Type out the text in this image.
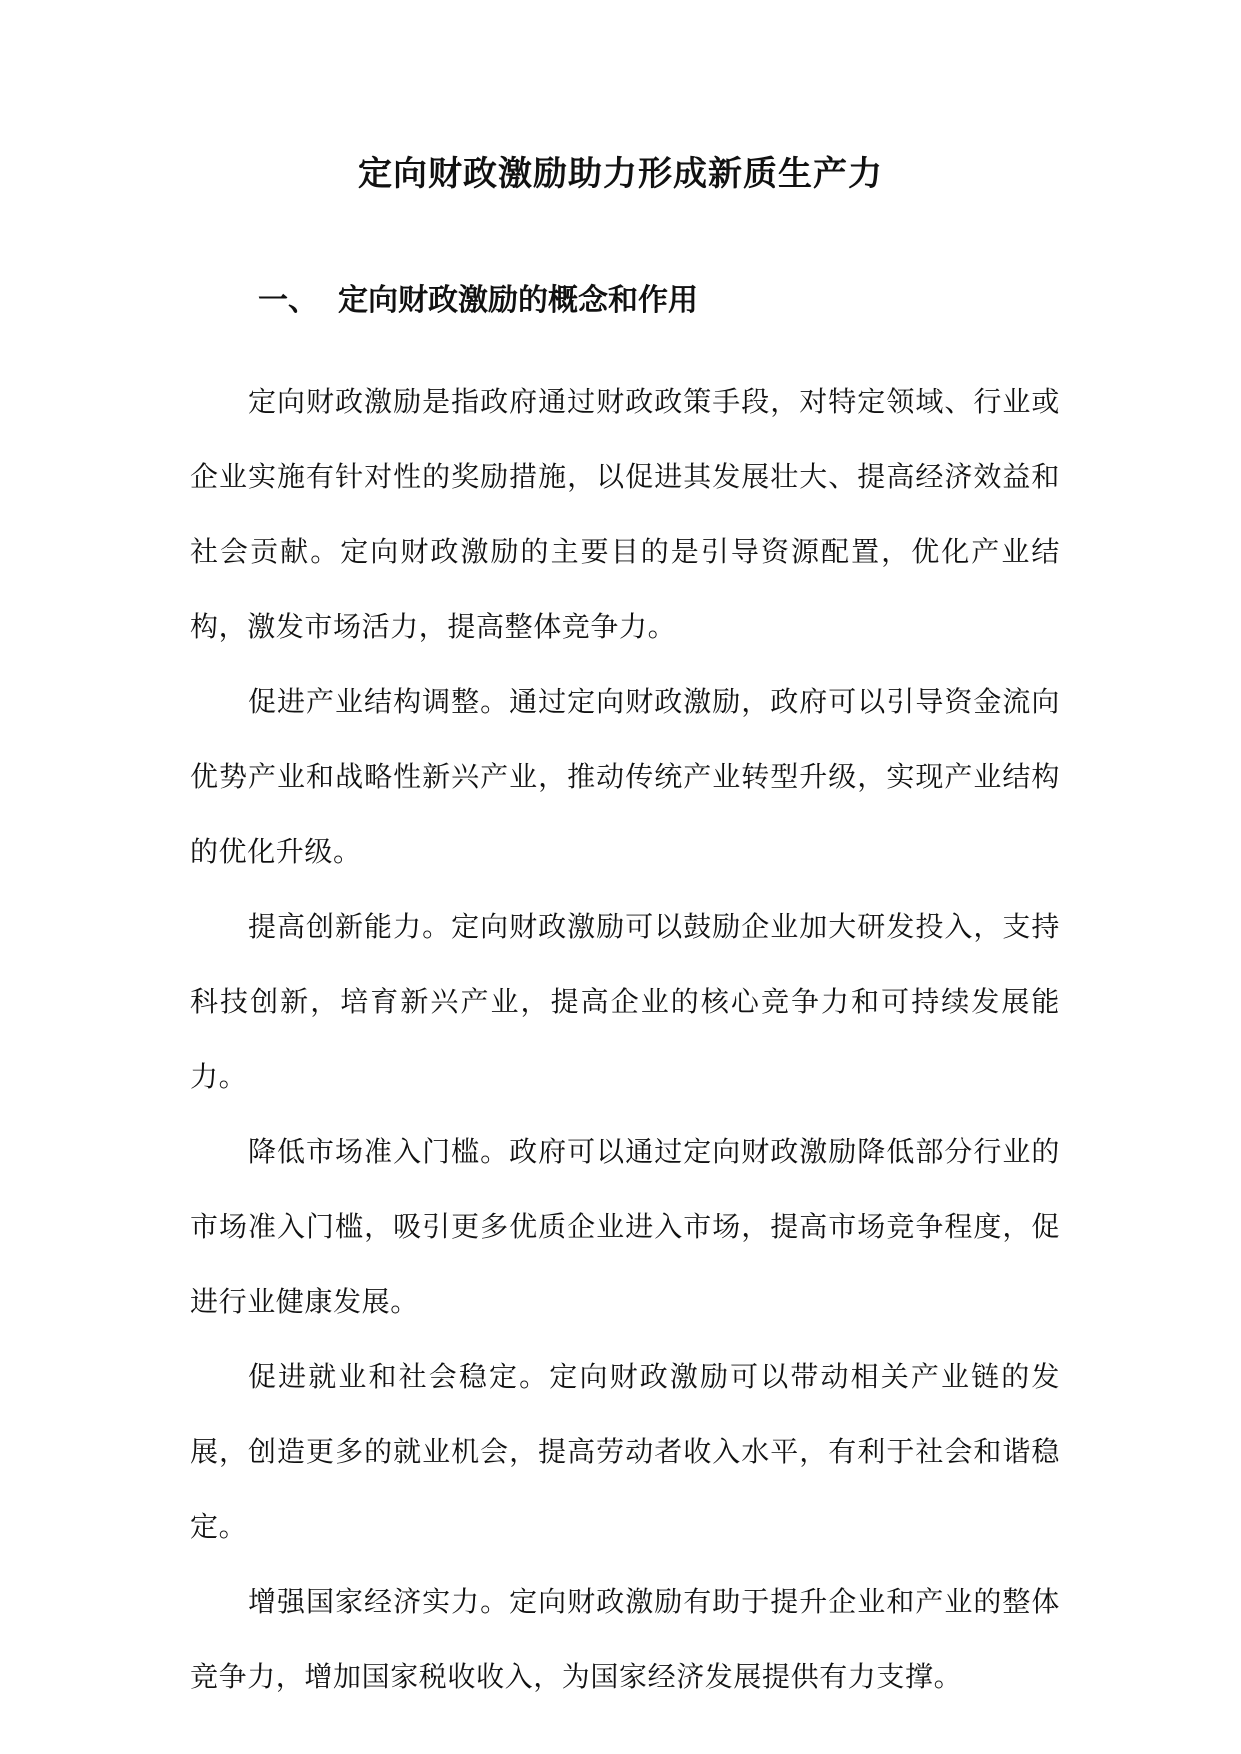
定向财政激励助力形成新质生产力
一、 定向财政激励的概念和作用

定向财政激励是指政府通过财政政策手段，对特定领域、行业或企业实施有针对性的奖励措施，以促进其发展壮大、提高经济效益和社会贡献。定向财政激励的主要目的是引导资源配置，优化产业结构，激发市场活力，提高整体竞争力。

促进产业结构调整。通过定向财政激励，政府可以引导资金流向优势产业和战略性新兴产业，推动传统产业转型升级，实现产业结构的优化升级。

提高创新能力。定向财政激励可以鼓励企业加大研发投入，支持科技创新，培育新兴产业，提高企业的核心竞争力和可持续发展能力。

降低市场准入门槛。政府可以通过定向财政激励降低部分行业的市场准入门槛，吸引更多优质企业进入市场，提高市场竞争程度，促进行业健康发展。

促进就业和社会稳定。定向财政激励可以带动相关产业链的发展，创造更多的就业机会，提高劳动者收入水平，有利于社会和谐稳定。

增强国家经济实力。定向财政激励有助于提升企业和产业的整体竞争力，增加国家税收收入，为国家经济发展提供有力支撑。
